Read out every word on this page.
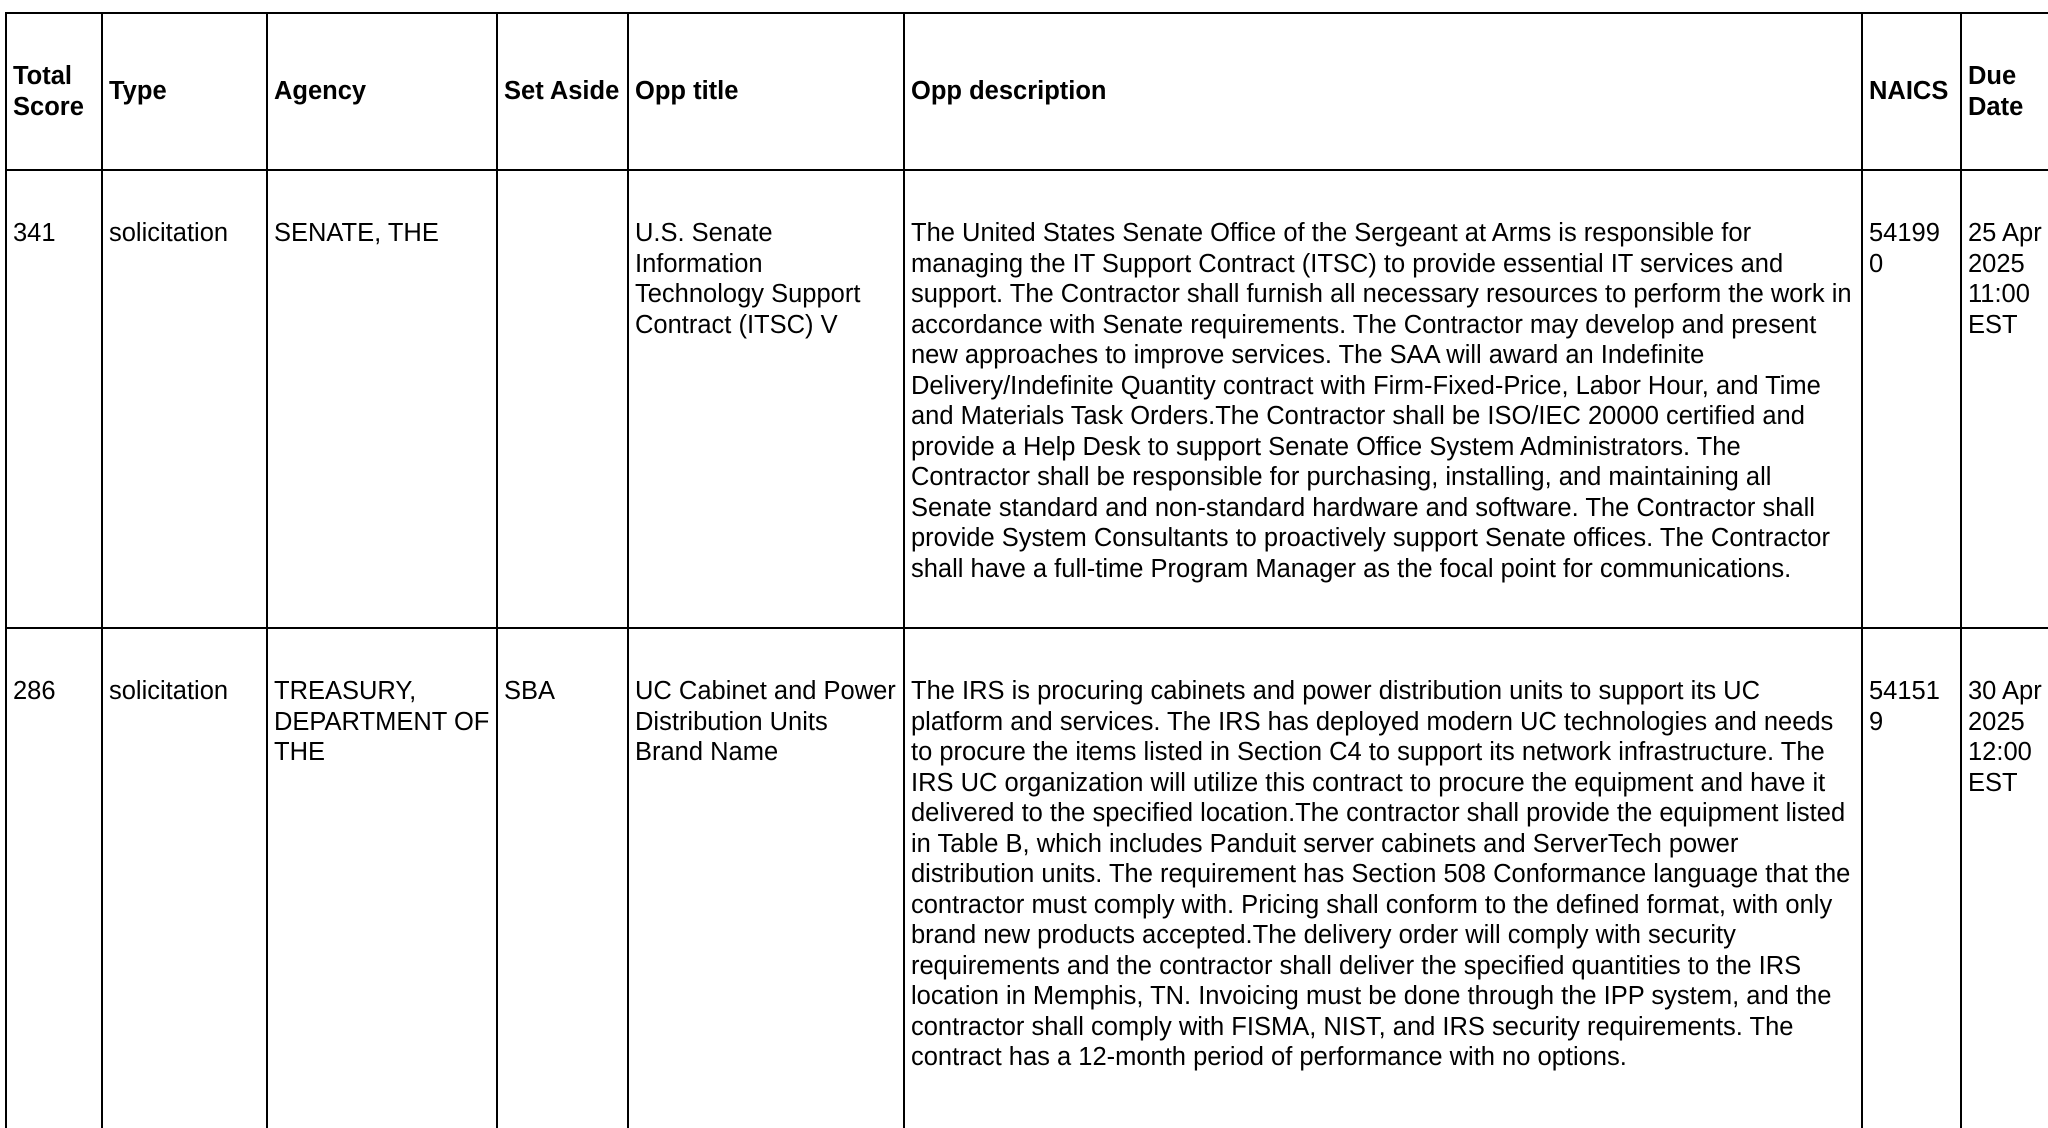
Total Score	Type	Agency	Set Aside	Opp title	Opp description	NAICS	Due Date
341	solicitation	SENATE, THE		U.S. Senate Information Technology Support Contract (ITSC) V	The United States Senate Office of the Sergeant at Arms is responsible for managing the IT Support Contract (ITSC) to provide essential IT services and support. The Contractor shall furnish all necessary resources to perform the work in accordance with Senate requirements. The Contractor may develop and present new approaches to improve services. The SAA will award an Indefinite Delivery/Indefinite Quantity contract with Firm-Fixed-Price, Labor Hour, and Time and Materials Task Orders.The Contractor shall be ISO/IEC 20000 certified and provide a Help Desk to support Senate Office System Administrators. The Contractor shall be responsible for purchasing, installing, and maintaining all Senate standard and non-standard hardware and software. The Contractor shall provide System Consultants to proactively support Senate offices. The Contractor shall have a full-time Program Manager as the focal point for communications.	541990	25 Apr 2025 11:00 EST
286	solicitation	TREASURY, DEPARTMENT OF THE	SBA	UC Cabinet and Power Distribution Units Brand Name	The IRS is procuring cabinets and power distribution units to support its UC platform and services. The IRS has deployed modern UC technologies and needs to procure the items listed in Section C4 to support its network infrastructure. The IRS UC organization will utilize this contract to procure the equipment and have it delivered to the specified location.The contractor shall provide the equipment listed in Table B, which includes Panduit server cabinets and ServerTech power distribution units. The requirement has Section 508 Conformance language that the contractor must comply with. Pricing shall conform to the defined format, with only brand new products accepted.The delivery order will comply with security requirements and the contractor shall deliver the specified quantities to the IRS location in Memphis, TN. Invoicing must be done through the IPP system, and the contractor shall comply with FISMA, NIST, and IRS security requirements. The contract has a 12-month period of performance with no options.	541519	30 Apr 2025 12:00 EST
